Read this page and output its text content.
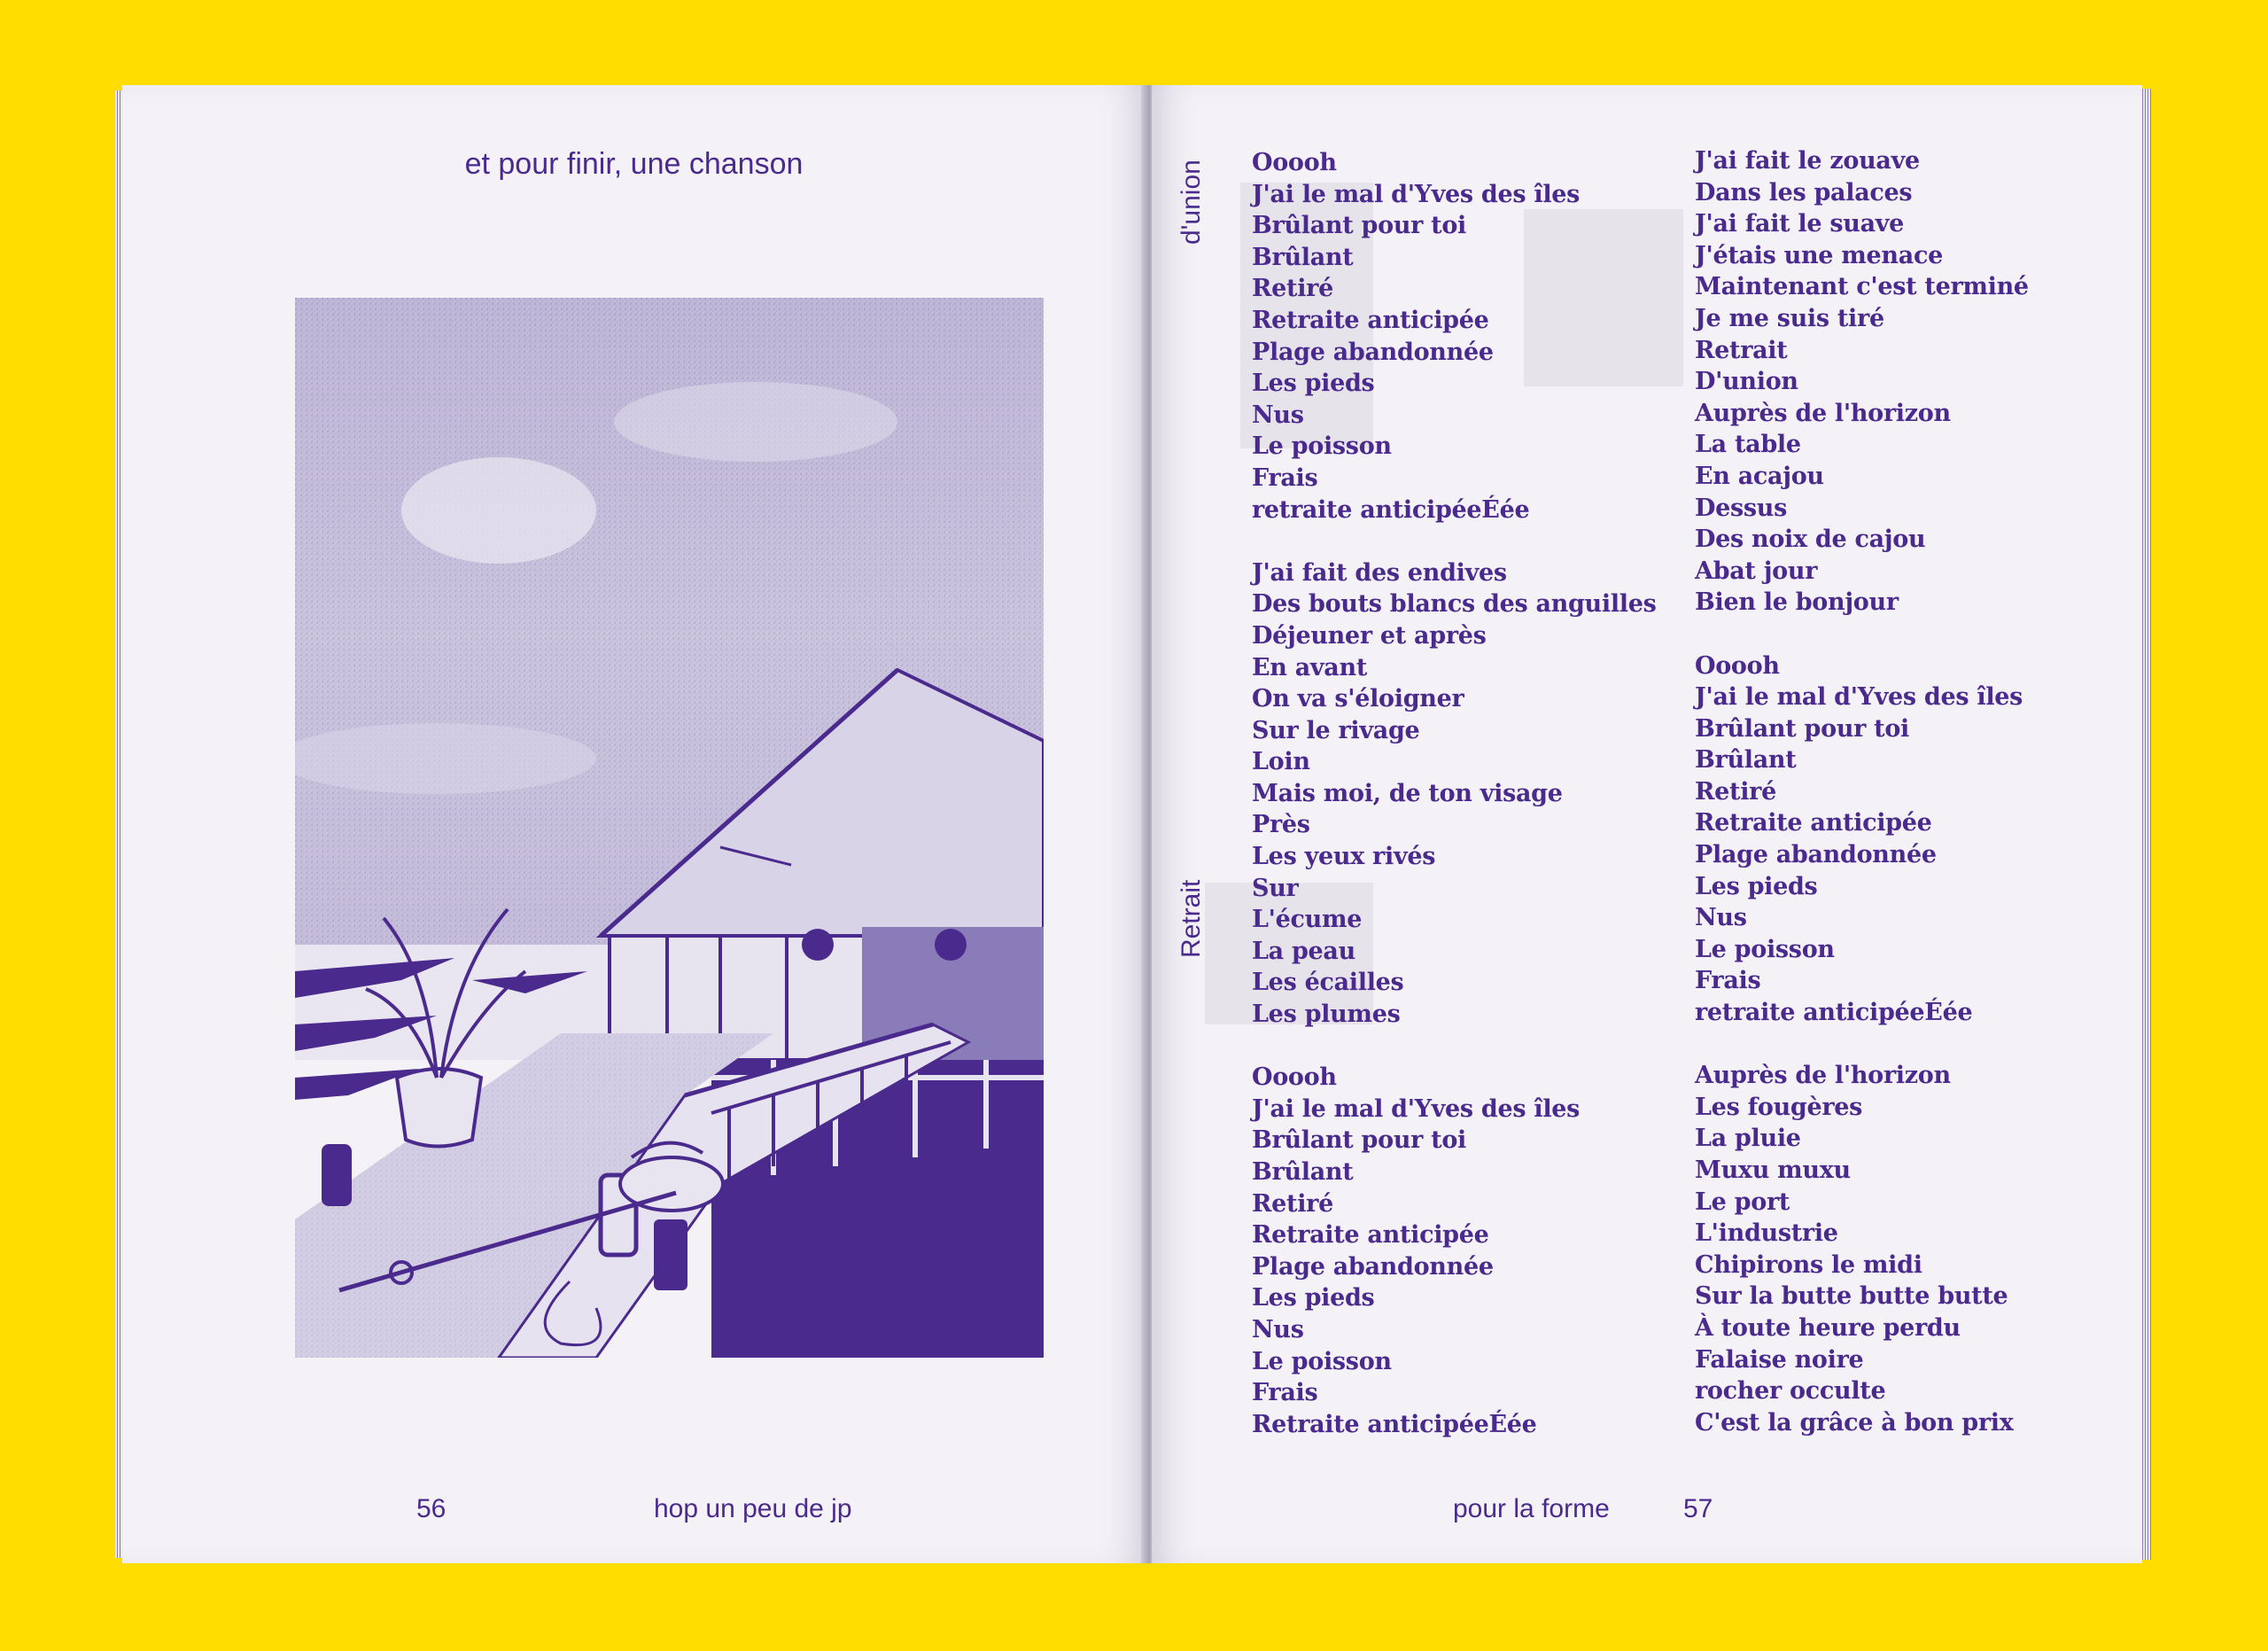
et pour finir, une chanson
56	hop un peu de jp
d'union
Retrait
Ooooh
J'ai le mal d'Yves des îles
Brûlant pour toi
Brûlant
Retiré
Retraite anticipée
Plage abandonnée
Les pieds
Nus
Le poisson
Frais
retraite anticipéeÉée
J'ai fait des endives
Des bouts blancs des anguilles
Déjeuner et après
En avant
On va s'éloigner
Sur le rivage
Loin
Mais moi, de ton visage
Près
Les yeux rivés
Sur
L'écume
La peau
Les écailles
Les plumes
Ooooh
J'ai le mal d'Yves des îles
Brûlant pour toi
Brûlant
Retiré
Retraite anticipée
Plage abandonnée
Les pieds
Nus
Le poisson
Frais
Retraite anticipéeÉée
J'ai fait le zouave
Dans les palaces
J'ai fait le suave
J'étais une menace
Maintenant c'est terminé
Je me suis tiré
Retrait
D'union
Auprès de l'horizon
La table
En acajou
Dessus
Des noix de cajou
Abat jour
Bien le bonjour
Ooooh
J'ai le mal d'Yves des îles
Brûlant pour toi
Brûlant
Retiré
Retraite anticipée
Plage abandonnée
Les pieds
Nus
Le poisson
Frais
retraite anticipéeÉée
Auprès de l'horizon
Les fougères
La pluie
Muxu muxu
Le port
L'industrie
Chipirons le midi
Sur la butte butte butte
À toute heure perdu
Falaise noire
rocher occulte
C'est la grâce à bon prix
pour la forme	57
